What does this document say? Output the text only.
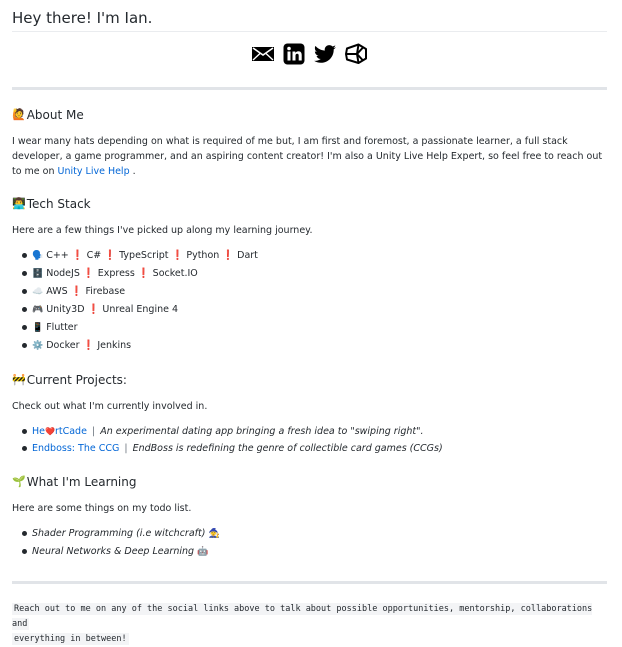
Hey there! I'm Ian.
🙋 About Me

I wear many hats depending on what is required of me but, I am first and foremost, a passionate learner, a full stack developer, a game programmer, and an aspiring content creator! I'm also a Unity Live Help Expert, so feel free to reach out to me on Unity Live Help .

👨‍💻 Tech Stack

Here are a few things I've picked up along my learning journey.

🗣️ C++ ❗ C# ❗ TypeScript ❗ Python ❗ Dart
🗄️ NodeJS ❗ Express ❗ Socket.IO
☁️ AWS ❗ Firebase
🎮 Unity3D ❗ Unreal Engine 4
📱 Flutter
⚙️ Docker ❗ Jenkins
🚧 Current Projects:

Check out what I'm currently involved in.

He❤️rtCade | An experimental dating app bringing a fresh idea to "swiping right".
Endboss: The CCG | EndBoss is redefining the genre of collectible card games (CCGs)
🌱 What I'm Learning

Here are some things on my todo list.

Shader Programming (i.e witchcraft) 🧙
Neural Networks & Deep Learning 🤖
Reach out to me on any of the social links above to talk about possible opportunities, mentorship, collaborations and
everything in between!
